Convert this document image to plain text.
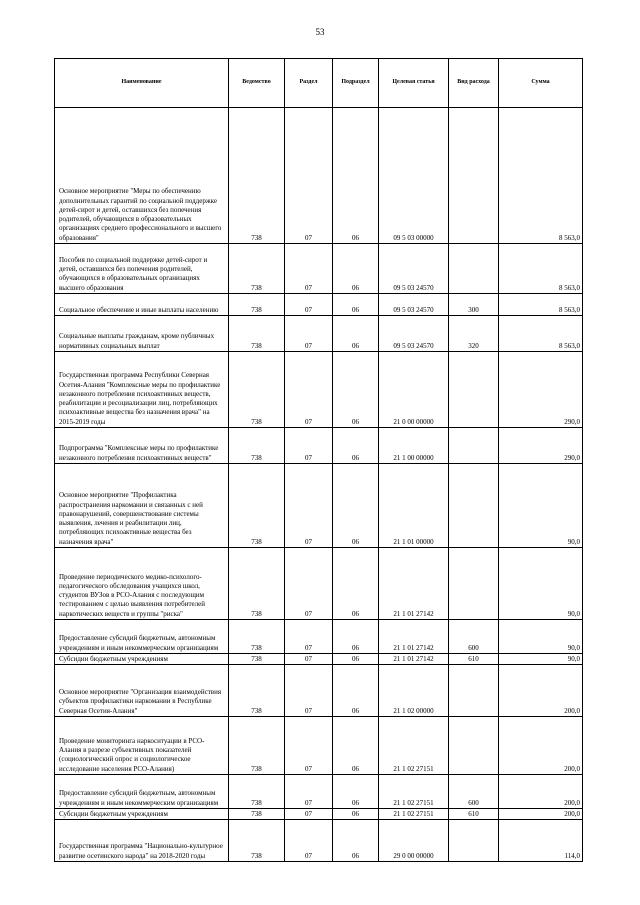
53
Наименование	Ведомство	Раздел	Подраздел	Целевая статья	Вид расхода	Сумма
Основное мероприятие "Меры по обеспечению дополнительных гарантий по социальной поддержке детей-сирот и детей, оставшихся без попечения родителей, обучающихся в образовательных организациях среднего профессионального и высшего образования"	738	07	06	09 5 03 00000		8 563,0
Пособия по социальной поддержке детей-сирот и детей, оставшихся без попечения родителей, обучающихся в образовательных организациях высшего образования	738	07	06	09 5 03 24570		8 563,0
Социальное обеспечение и иные выплаты населению	738	07	06	09 5 03 24570	300	8 563,0
Социальные выплаты гражданам, кроме публичных нормативных социальных выплат	738	07	06	09 5 03 24570	320	8 563,0
Государственная программа Республики Северная Осетия-Алания "Комплексные меры по профилактике незаконного потребления психоактивных веществ, реабилитации и ресоциализации лиц, потребляющих психоактивные вещества без назначения врача" на 2015-2019 годы	738	07	06	21 0 00 00000		290,0
Подпрограмма "Комплексные меры по профилактике незаконного потребления психоактивных веществ"	738	07	06	21 1 00 00000		290,0
Основное мероприятие "Профилактика распространения наркомании и связанных с ней правонарушений, совершенствование системы выявления, лечения и реабилитации лиц, потребляющих психоактивные вещества без назначения врача"	738	07	06	21 1 01 00000		90,0
Проведение периодического медико-психолого-педагогического обследования учащихся школ, студентов ВУЗов в РСО-Алания с последующим тестированием с целью выявления потребителей наркотических веществ и группы "риска"	738	07	06	21 1 01 27142		90,0
Предоставление субсидий бюджетным, автономным учреждениям и иным некоммерческим организациям	738	07	06	21 1 01 27142	600	90,0
Субсидии бюджетным учреждениям	738	07	06	21 1 01 27142	610	90,0
Основное мероприятие "Организация взаимодействия субъектов профилактики наркомании в Республике Северная Осетия-Алания"	738	07	06	21 1 02 00000		200,0
Проведение мониторинга наркоситуации в РСО-Алания в разрезе субъективных показателей (социологический опрос и социологическое исследование населения РСО-Алания)	738	07	06	21 1 02 27151		200,0
Предоставление субсидий бюджетным, автономным учреждениям и иным некоммерческим организациям	738	07	06	21 1 02 27151	600	200,0
Субсидии бюджетным учреждениям	738	07	06	21 1 02 27151	610	200,0
Государственная программа "Национально-культурное развитие осетинского народа" на 2018-2020 годы	738	07	06	29 0 00 00000		114,0
